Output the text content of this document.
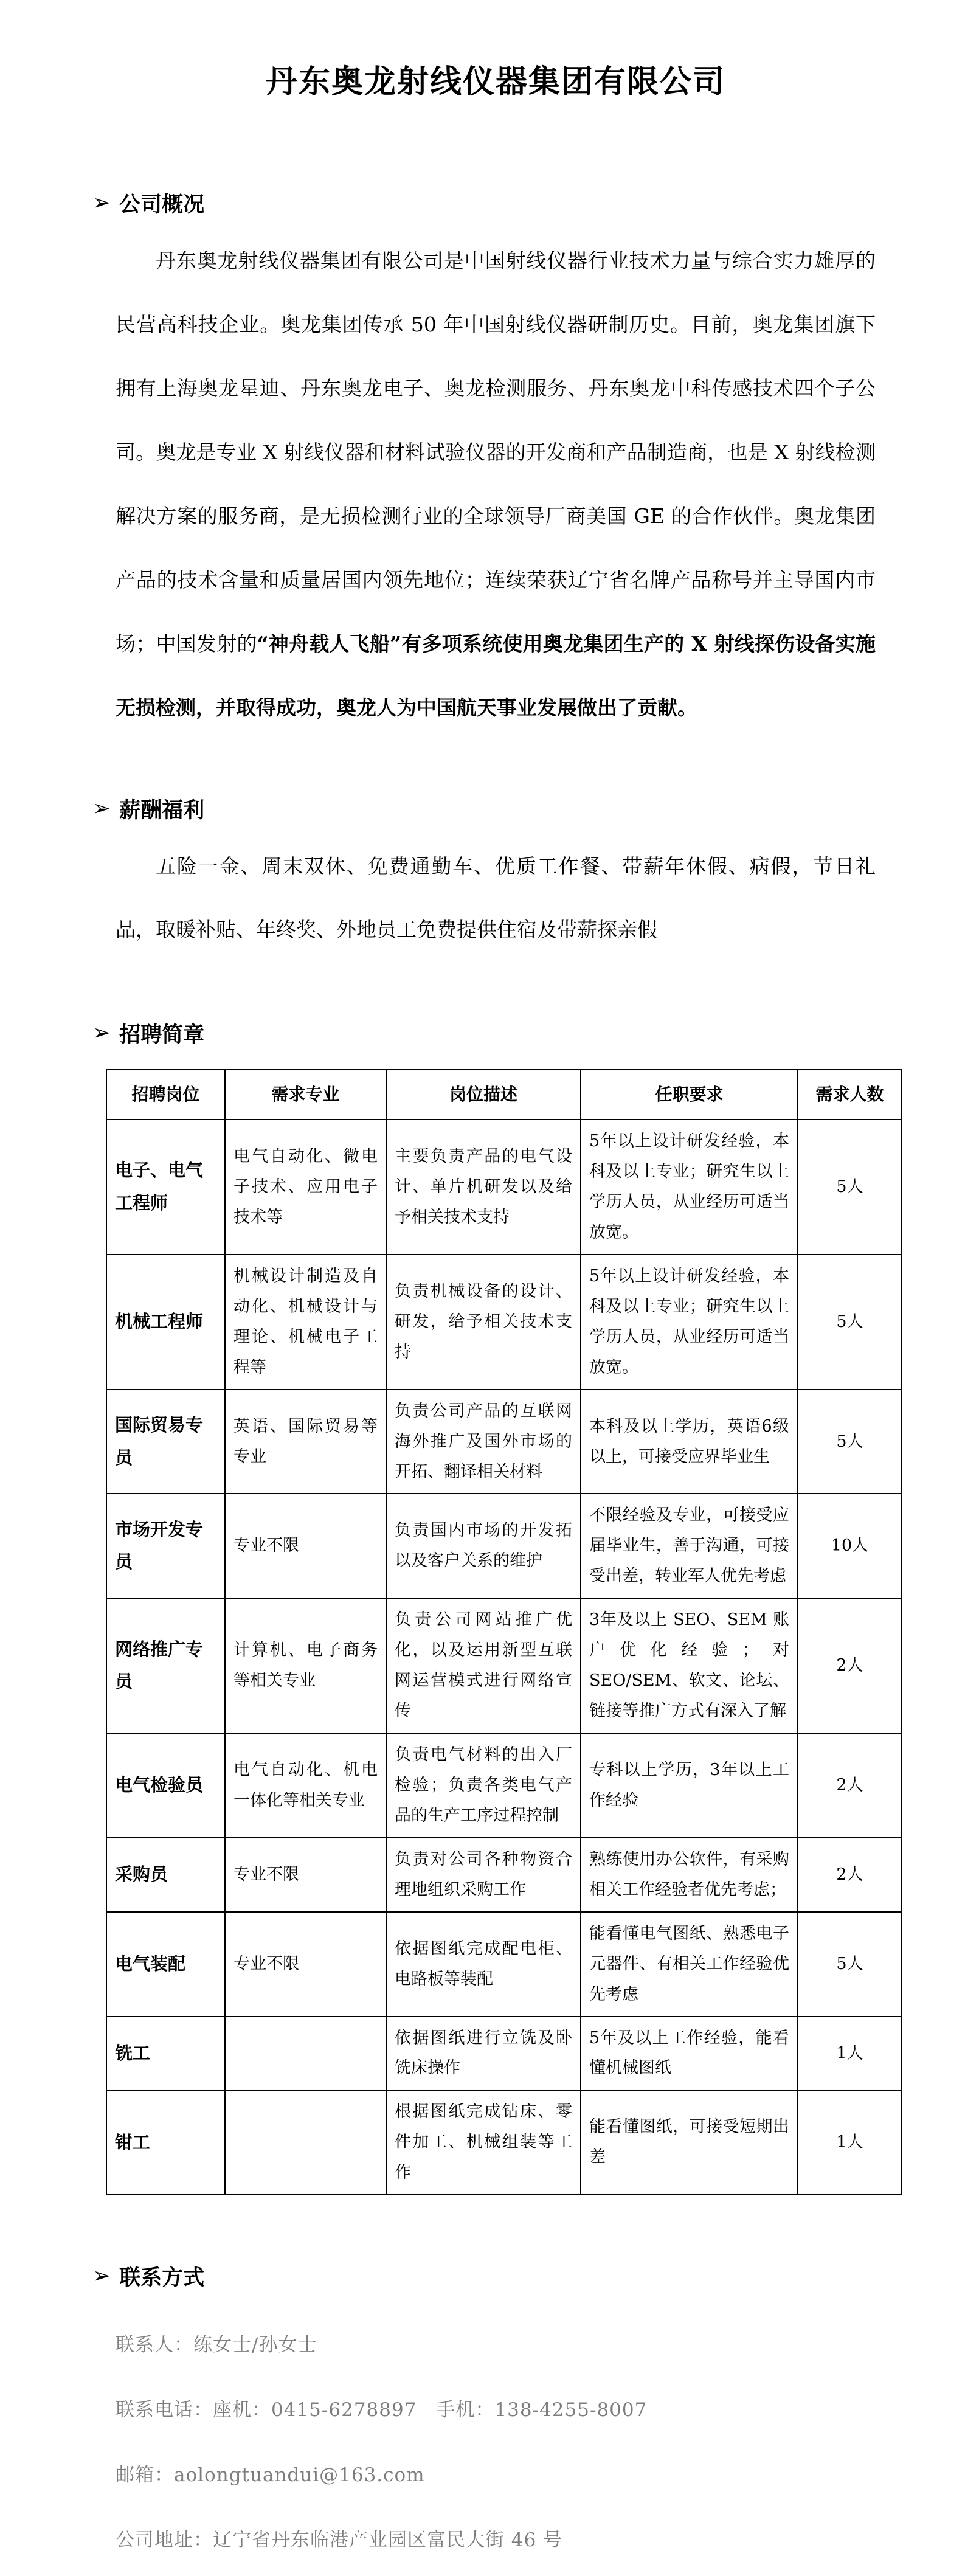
丹东奥龙射线仪器集团有限公司
➢ 公司概况

丹东奥龙射线仪器集团有限公司是中国射线仪器行业技术力量与综合实力雄厚的民营高科技企业。奥龙集团传承 50 年中国射线仪器研制历史。目前，奥龙集团旗下拥有上海奥龙星迪、丹东奥龙电子、奥龙检测服务、丹东奥龙中科传感技术四个子公司。奥龙是专业 X 射线仪器和材料试验仪器的开发商和产品制造商，也是 X 射线检测解决方案的服务商，是无损检测行业的全球领导厂商美国 GE 的合作伙伴。奥龙集团产品的技术含量和质量居国内领先地位；连续荣获辽宁省名牌产品称号并主导国内市场；中国发射的“神舟载人飞船”有多项系统使用奥龙集团生产的 X 射线探伤设备实施无损检测，并取得成功，奥龙人为中国航天事业发展做出了贡献。

➢ 薪酬福利

五险一金、周末双休、免费通勤车、优质工作餐、带薪年休假、病假，节日礼品，取暖补贴、年终奖、外地员工免费提供住宿及带薪探亲假

➢ 招聘简章
招聘岗位	需求专业	岗位描述	任职要求	需求人数
电子、电气工程师	电气自动化、微电子技术、应用电子技术等	主要负责产品的电气设计、单片机研发以及给予相关技术支持	5年以上设计研发经验，本科及以上专业；研究生以上学历人员，从业经历可适当放宽。	5人
机械工程师	机械设计制造及自动化、机械设计与理论、机械电子工程等	负责机械设备的设计、研发，给予相关技术支持	5年以上设计研发经验，本科及以上专业；研究生以上学历人员，从业经历可适当放宽。	5人
国际贸易专员	英语、国际贸易等专业	负责公司产品的互联网海外推广及国外市场的开拓、翻译相关材料	本科及以上学历，英语6级以上，可接受应界毕业生	5人
市场开发专员	专业不限	负责国内市场的开发拓以及客户关系的维护	不限经验及专业，可接受应届毕业生，善于沟通，可接受出差，转业军人优先考虑	10人
网络推广专员	计算机、电子商务等相关专业	负责公司网站推广优化，以及运用新型互联网运营模式进行网络宣传	3年及以上 SEO、SEM 账户优化经验；对 SEO/SEM、软文、论坛、链接等推广方式有深入了解	2人
电气检验员	电气自动化、机电一体化等相关专业	负责电气材料的出入厂检验；负责各类电气产品的生产工序过程控制	专科以上学历，3年以上工作经验	2人
采购员	专业不限	负责对公司各种物资合理地组织采购工作	熟练使用办公软件，有采购相关工作经验者优先考虑；	2人
电气装配	专业不限	依据图纸完成配电柜、电路板等装配	能看懂电气图纸、熟悉电子元器件、有相关工作经验优先考虑	5人
铣工		依据图纸进行立铣及卧铣床操作	5年及以上工作经验，能看懂机械图纸	1人
钳工		根据图纸完成钻床、零件加工、机械组装等工作	能看懂图纸，可接受短期出差	1人
➢ 联系方式

联系人：练女士/孙女士

联系电话：座机：0415-6278897　手机：138-4255-8007

邮箱：aolongtuandui@163.com

公司地址：辽宁省丹东临港产业园区富民大街 46 号
